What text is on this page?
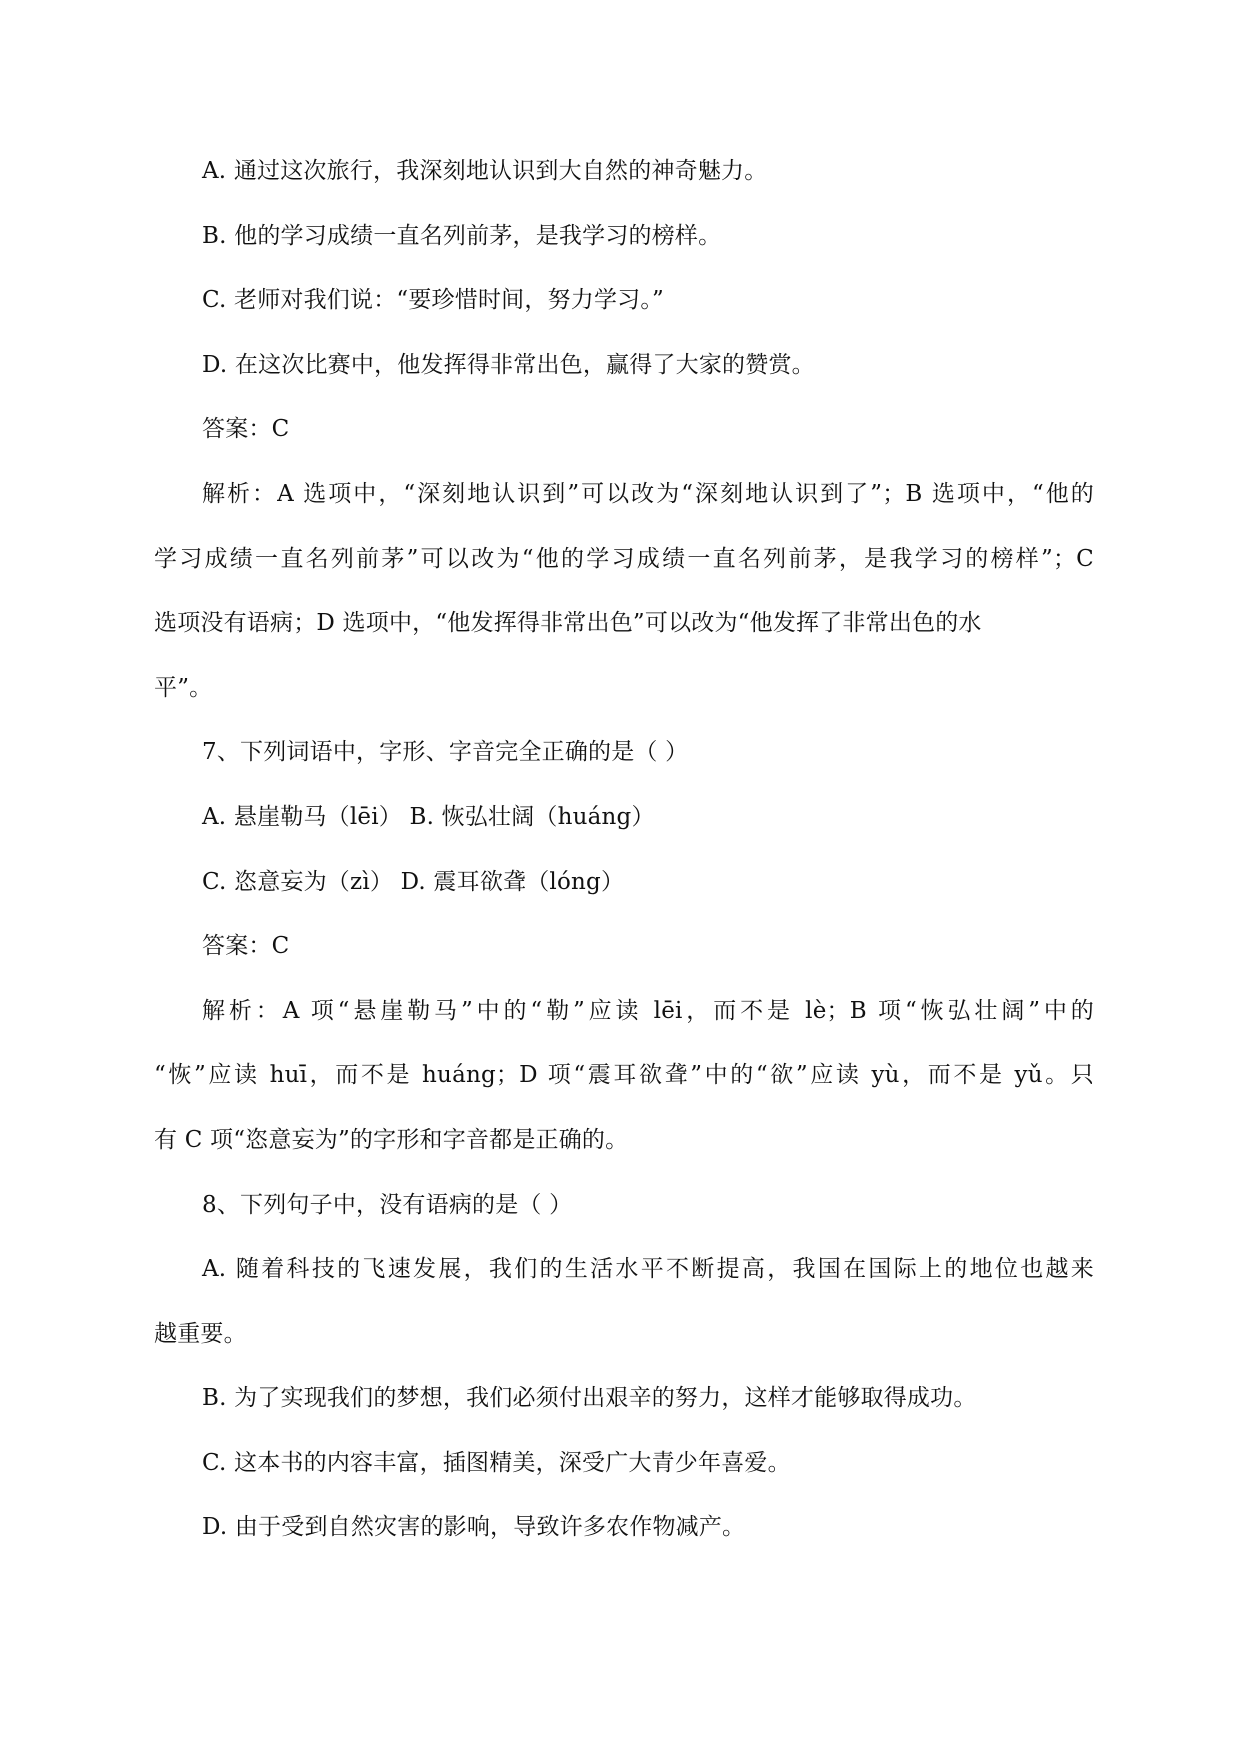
A. 通过这次旅行，我深刻地认识到大自然的神奇魅力。
B. 他的学习成绩一直名列前茅，是我学习的榜样。
C. 老师对我们说：“要珍惜时间，努力学习。”
D. 在这次比赛中，他发挥得非常出色，赢得了大家的赞赏。
答案：C
解析：A 选项中，“深刻地认识到”可以改为“深刻地认识到了”；B 选项中，“他的
学习成绩一直名列前茅”可以改为“他的学习成绩一直名列前茅，是我学习的榜样”；C
选项没有语病；D 选项中，“他发挥得非常出色”可以改为“他发挥了非常出色的水
平”。
7、下列词语中，字形、字音完全正确的是（ ）
A. 悬崖勒马（lēi） B. 恢弘壮阔（huáng）
C. 恣意妄为（zì） D. 震耳欲聋（lóng）
答案：C
解析：A 项“悬崖勒马”中的“勒”应读 lēi，而不是 lè；B 项“恢弘壮阔”中的
“恢”应读 huī，而不是 huáng；D 项“震耳欲聋”中的“欲”应读 yù，而不是 yǔ。只
有 C 项“恣意妄为”的字形和字音都是正确的。
8、下列句子中，没有语病的是（ ）
A. 随着科技的飞速发展，我们的生活水平不断提高，我国在国际上的地位也越来
越重要。
B. 为了实现我们的梦想，我们必须付出艰辛的努力，这样才能够取得成功。
C. 这本书的内容丰富，插图精美，深受广大青少年喜爱。
D. 由于受到自然灾害的影响，导致许多农作物减产。
